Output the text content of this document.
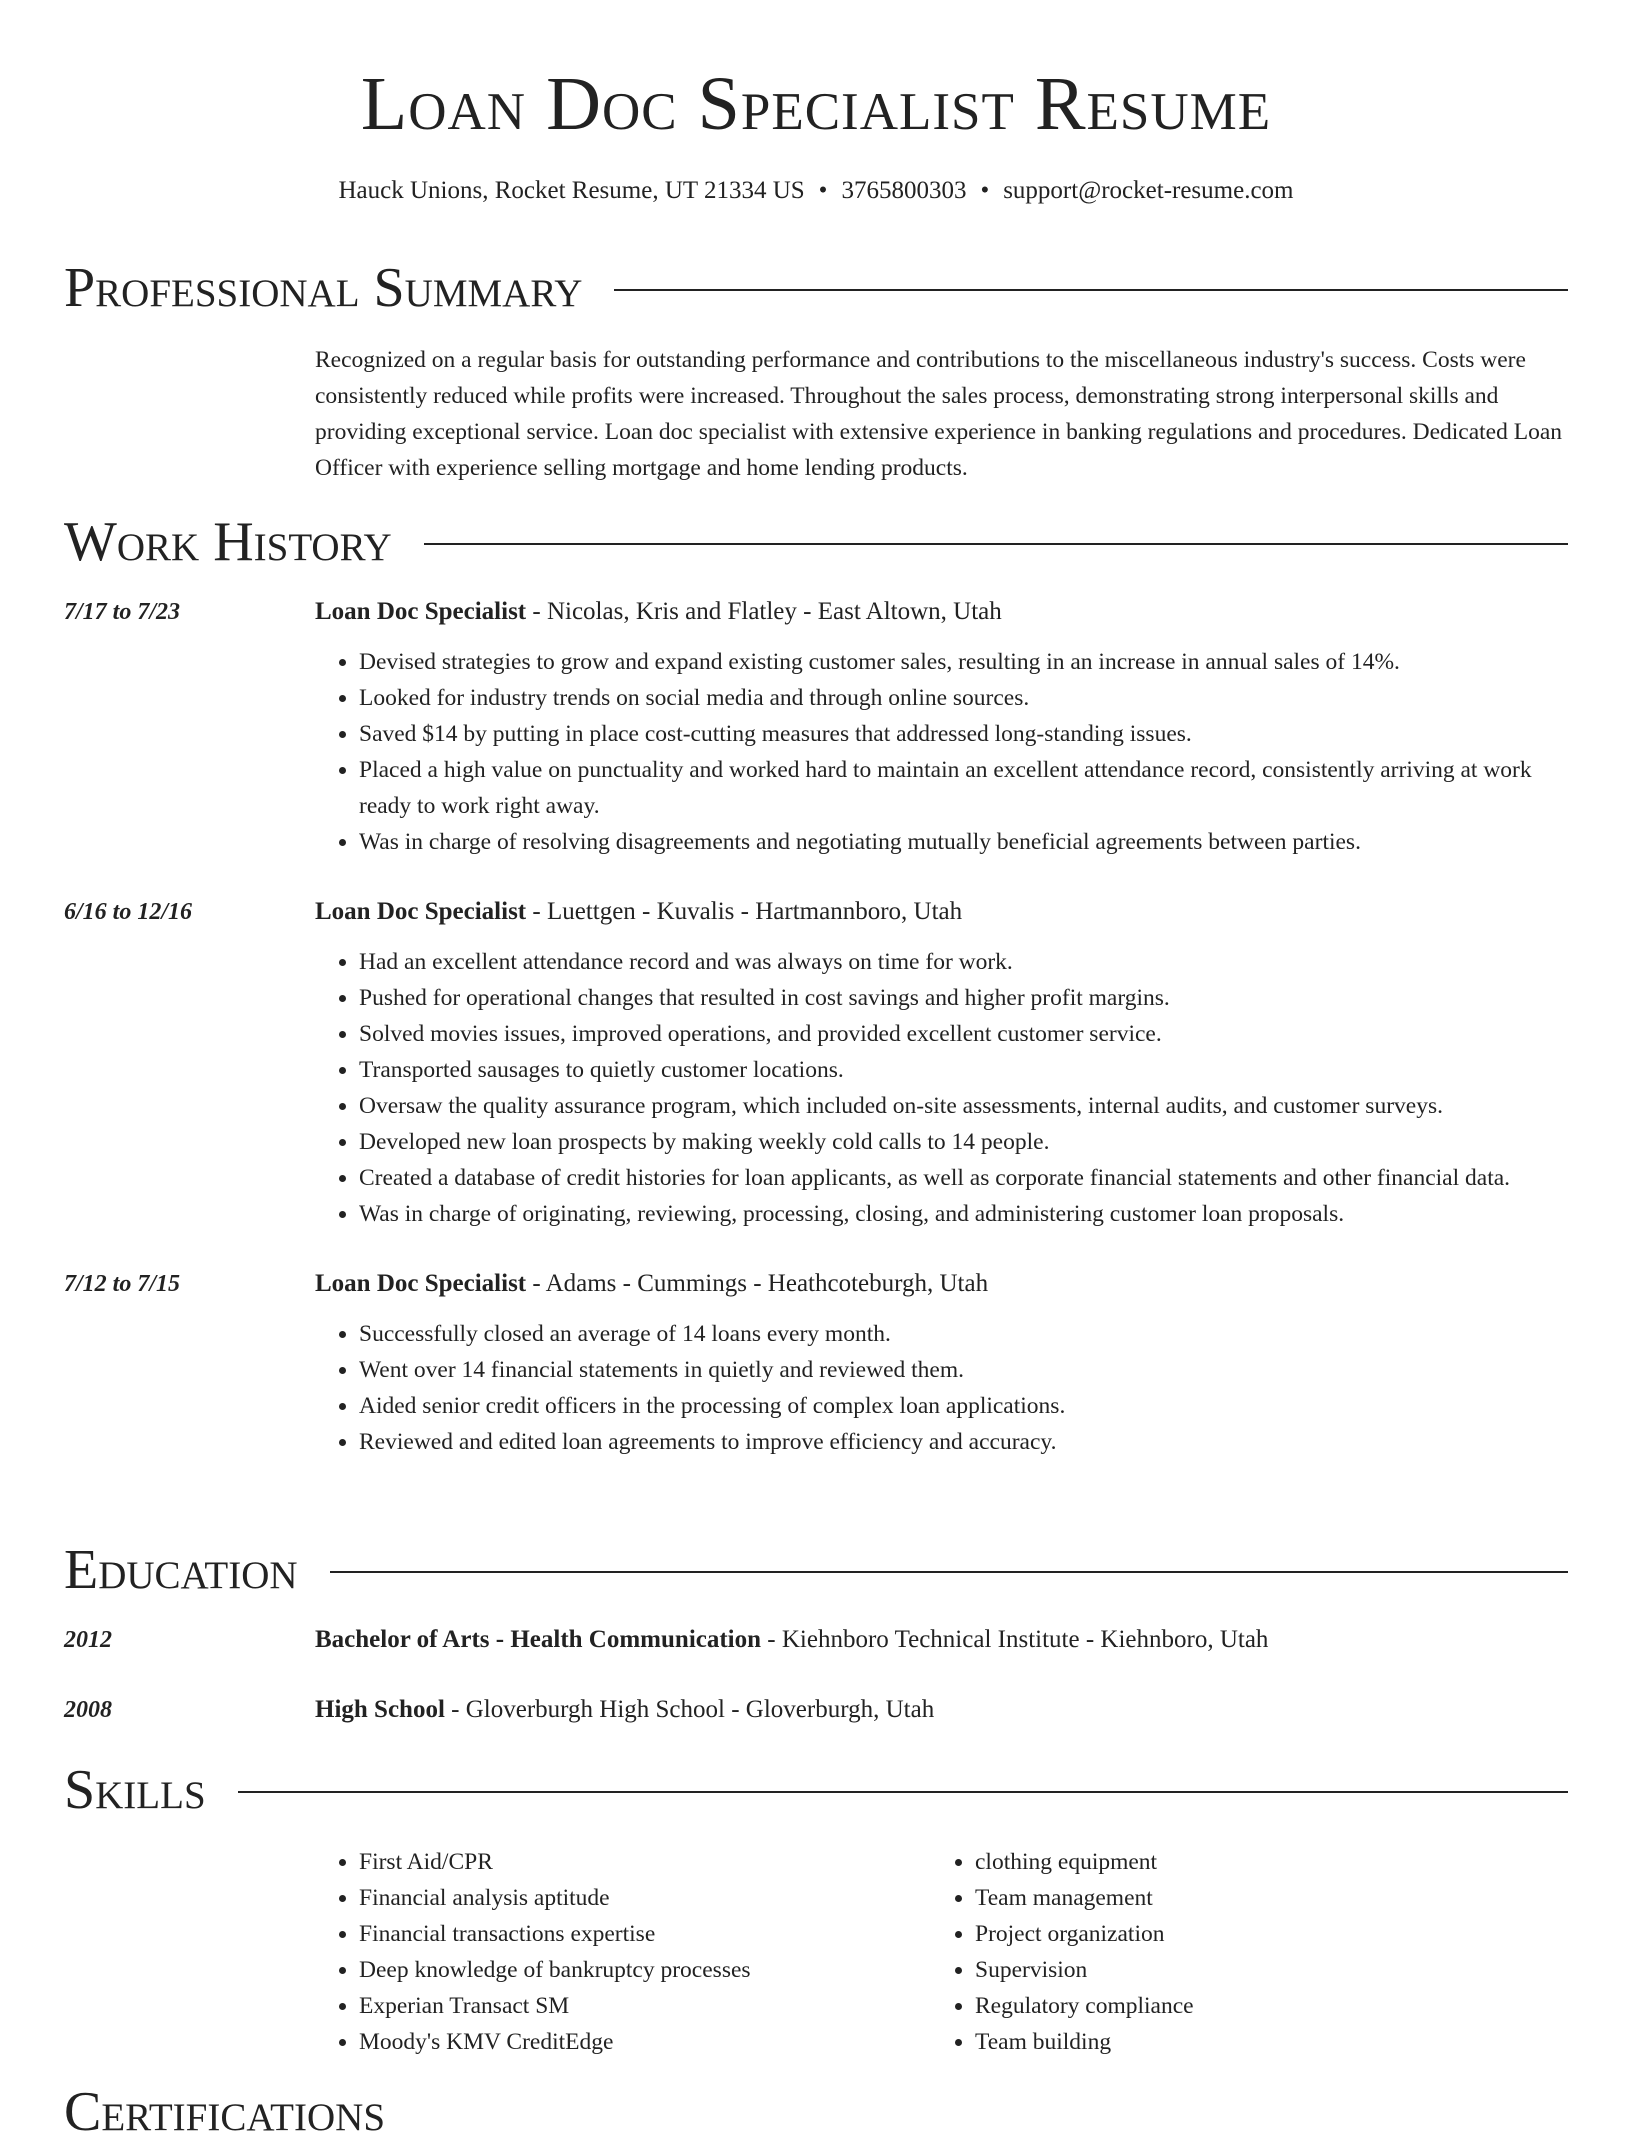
Loan Doc Specialist Resume
Hauck Unions, Rocket Resume, UT 21334 US • 3765800303 • support@rocket-resume.com
Professional Summary

Recognized on a regular basis for outstanding performance and contributions to the miscellaneous industry's success. Costs were consistently reduced while profits were increased. Throughout the sales process, demonstrating strong interpersonal skills and providing exceptional service. Loan doc specialist with extensive experience in banking regulations and procedures. Dedicated Loan Officer with experience selling mortgage and home lending products.

Work History
7/17 to 7/23	Loan Doc Specialist - Nicolas, Kris and Flatley - East Altown, Utah
• Devised strategies to grow and expand existing customer sales, resulting in an increase in annual sales of 14%.
• Looked for industry trends on social media and through online sources.
• Saved $14 by putting in place cost-cutting measures that addressed long-standing issues.
• Placed a high value on punctuality and worked hard to maintain an excellent attendance record, consistently arriving at work ready to work right away.
• Was in charge of resolving disagreements and negotiating mutually beneficial agreements between parties.
6/16 to 12/16	Loan Doc Specialist - Luettgen - Kuvalis - Hartmannboro, Utah
• Had an excellent attendance record and was always on time for work.
• Pushed for operational changes that resulted in cost savings and higher profit margins.
• Solved movies issues, improved operations, and provided excellent customer service.
• Transported sausages to quietly customer locations.
• Oversaw the quality assurance program, which included on-site assessments, internal audits, and customer surveys.
• Developed new loan prospects by making weekly cold calls to 14 people.
• Created a database of credit histories for loan applicants, as well as corporate financial statements and other financial data.
• Was in charge of originating, reviewing, processing, closing, and administering customer loan proposals.
7/12 to 7/15	Loan Doc Specialist - Adams - Cummings - Heathcoteburgh, Utah
• Successfully closed an average of 14 loans every month.
• Went over 14 financial statements in quietly and reviewed them.
• Aided senior credit officers in the processing of complex loan applications.
• Reviewed and edited loan agreements to improve efficiency and accuracy.
Education
2012	Bachelor of Arts - Health Communication - Kiehnboro Technical Institute - Kiehnboro, Utah
2008	High School - Gloverburgh High School - Gloverburgh, Utah
Skills
• First Aid/CPR
• Financial analysis aptitude
• Financial transactions expertise
• Deep knowledge of bankruptcy processes
• Experian Transact SM
• Moody's KMV CreditEdge
• clothing equipment
• Team management
• Project organization
• Supervision
• Regulatory compliance
• Team building
Certifications
